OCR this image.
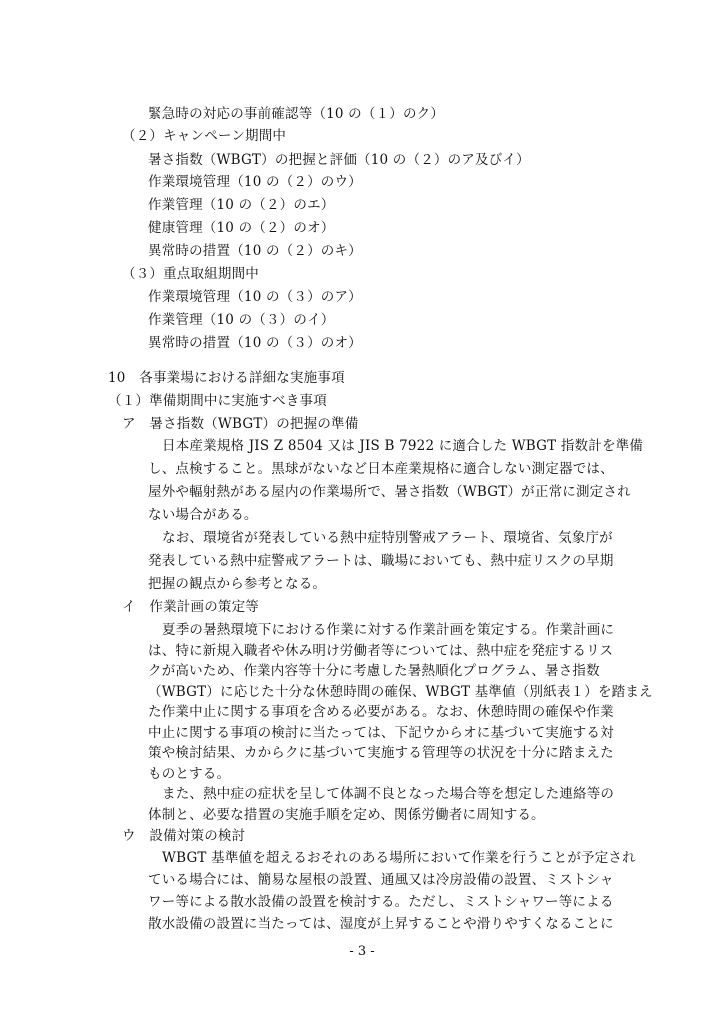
緊急時の対応の事前確認等（10 の（１）のク）
（２）キャンペーン期間中
暑さ指数（WBGT）の把握と評価（10 の（２）のア及びイ）
作業環境管理（10 の（２）のウ）
作業管理（10 の（２）のエ）
健康管理（10 の（２）のオ）
異常時の措置（10 の（２）のキ）
（３）重点取組期間中
作業環境管理（10 の（３）のア）
作業管理（10 の（３）のイ）
異常時の措置（10 の（３）のオ）
10　各事業場における詳細な実施事項
（１）準備期間中に実施すべき事項
ア　暑さ指数（WBGT）の把握の準備
日本産業規格 JIS Z 8504 又は JIS B 7922 に適合した WBGT 指数計を準備
し、点検すること。黒球がないなど日本産業規格に適合しない測定器では、
屋外や輻射熱がある屋内の作業場所で、暑さ指数（WBGT）が正常に測定され
ない場合がある。
なお、環境省が発表している熱中症特別警戒アラート、環境省、気象庁が
発表している熱中症警戒アラートは、職場においても、熱中症リスクの早期
把握の観点から参考となる。
イ　作業計画の策定等
夏季の暑熱環境下における作業に対する作業計画を策定する。作業計画に
は、特に新規入職者や休み明け労働者等については、熱中症を発症するリス
クが高いため、作業内容等十分に考慮した暑熱順化プログラム、暑さ指数
（WBGT）に応じた十分な休憩時間の確保、WBGT 基準値（別紙表１）を踏まえ
た作業中止に関する事項を含める必要がある。なお、休憩時間の確保や作業
中止に関する事項の検討に当たっては、下記ウからオに基づいて実施する対
策や検討結果、カからクに基づいて実施する管理等の状況を十分に踏まえた
ものとする。
また、熱中症の症状を呈して体調不良となった場合等を想定した連絡等の
体制と、必要な措置の実施手順を定め、関係労働者に周知する。
ウ　設備対策の検討
WBGT 基準値を超えるおそれのある場所において作業を行うことが予定され
- 3 -
ている場合には、簡易な屋根の設置、通風又は冷房設備の設置、ミストシャ
ワー等による散水設備の設置を検討する。ただし、ミストシャワー等による
散水設備の設置に当たっては、湿度が上昇することや滑りやすくなることに
